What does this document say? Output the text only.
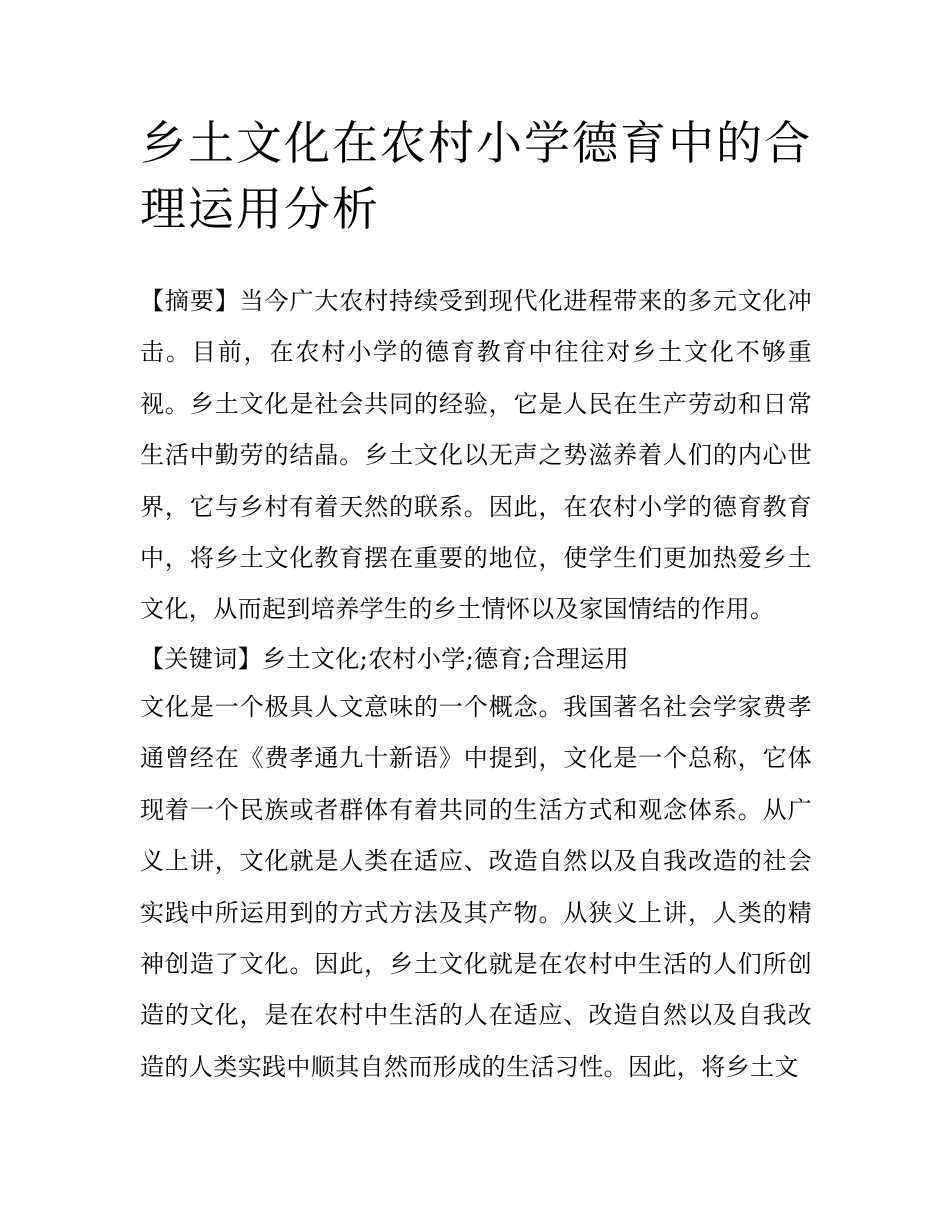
乡土文化在农村小学德育中的合理运用分析

【摘要】当今广大农村持续受到现代化进程带来的多元文化冲击。目前，在农村小学的德育教育中往往对乡土文化不够重视。乡土文化是社会共同的经验，它是人民在生产劳动和日常生活中勤劳的结晶。乡土文化以无声之势滋养着人们的内心世界，它与乡村有着天然的联系。因此，在农村小学的德育教育中，将乡土文化教育摆在重要的地位，使学生们更加热爱乡土文化，从而起到培养学生的乡土情怀以及家国情结的作用。

【关键词】乡土文化;农村小学;德育;合理运用

文化是一个极具人文意味的一个概念。我国著名社会学家费孝通曾经在《费孝通九十新语》中提到，文化是一个总称，它体现着一个民族或者群体有着共同的生活方式和观念体系。从广义上讲，文化就是人类在适应、改造自然以及自我改造的社会实践中所运用到的方式方法及其产物。从狭义上讲，人类的精神创造了文化。因此，乡土文化就是在农村中生活的人们所创造的文化，是在农村中生活的人在适应、改造自然以及自我改造的人类实践中顺其自然而形成的生活习性。因此，将乡土文
